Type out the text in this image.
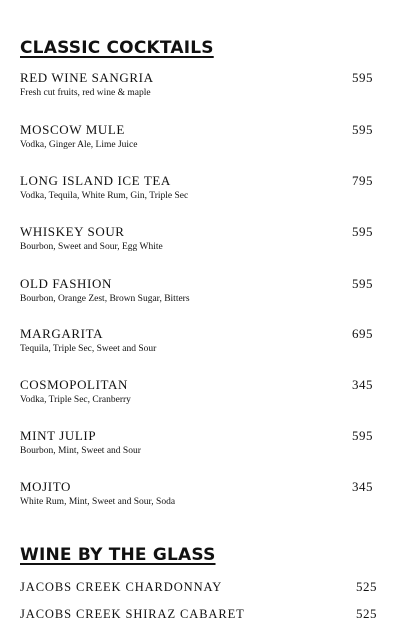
CLASSIC COCKTAILS
RED WINE SANGRIA
Fresh cut fruits, red wine & maple
595
MOSCOW MULE
Vodka, Ginger Ale, Lime Juice
595
LONG ISLAND ICE TEA
Vodka, Tequila, White Rum, Gin, Triple Sec
795
WHISKEY SOUR
Bourbon, Sweet and Sour, Egg White
595
OLD FASHION
Bourbon, Orange Zest, Brown Sugar, Bitters
595
MARGARITA
Tequila, Triple Sec, Sweet and Sour
695
COSMOPOLITAN
Vodka, Triple Sec, Cranberry
345
MINT JULIP
Bourbon, Mint, Sweet and Sour
595
MOJITO
White Rum, Mint, Sweet and Sour, Soda
345
WINE BY THE GLASS
JACOBS CREEK CHARDONNAY	525
JACOBS CREEK SHIRAZ CABARET	525
